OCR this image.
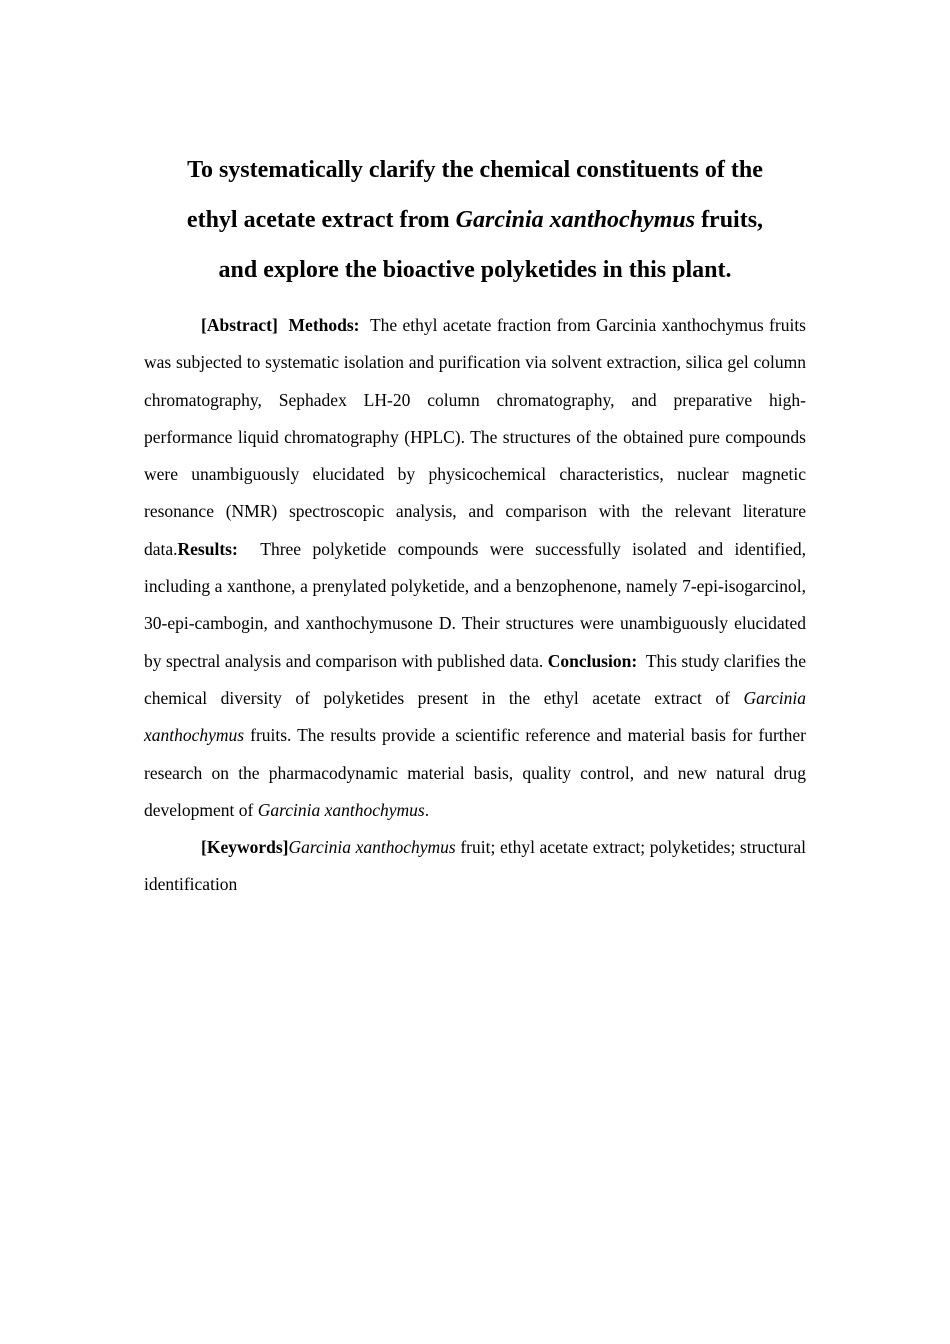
To systematically clarify the chemical constituents of the
ethyl acetate extract from Garcinia xanthochymus fruits,
and explore the bioactive polyketides in this plant.

[Abstract] Methods: The ethyl acetate fraction from Garcinia xanthochymus fruits was subjected to systematic isolation and purification via solvent extraction, silica gel column chromatography, Sephadex LH-20 column chromatography, and preparative high-performance liquid chromatography (HPLC). The structures of the obtained pure compounds were unambiguously elucidated by physicochemical characteristics, nuclear magnetic resonance (NMR) spectroscopic analysis, and comparison with the relevant literature data.Results: Three polyketide compounds were successfully isolated and identified, including a xanthone, a prenylated polyketide, and a benzophenone, namely 7-epi-isogarcinol, 30-epi-cambogin, and xanthochymusone D. Their structures were unambiguously elucidated by spectral analysis and comparison with published data. Conclusion: This study clarifies the chemical diversity of polyketides present in the ethyl acetate extract of Garcinia xanthochymus fruits. The results provide a scientific reference and material basis for further research on the pharmacodynamic material basis, quality control, and new natural drug development of Garcinia xanthochymus.

[Keywords]Garcinia xanthochymus fruit; ethyl acetate extract; polyketides; structural identification
